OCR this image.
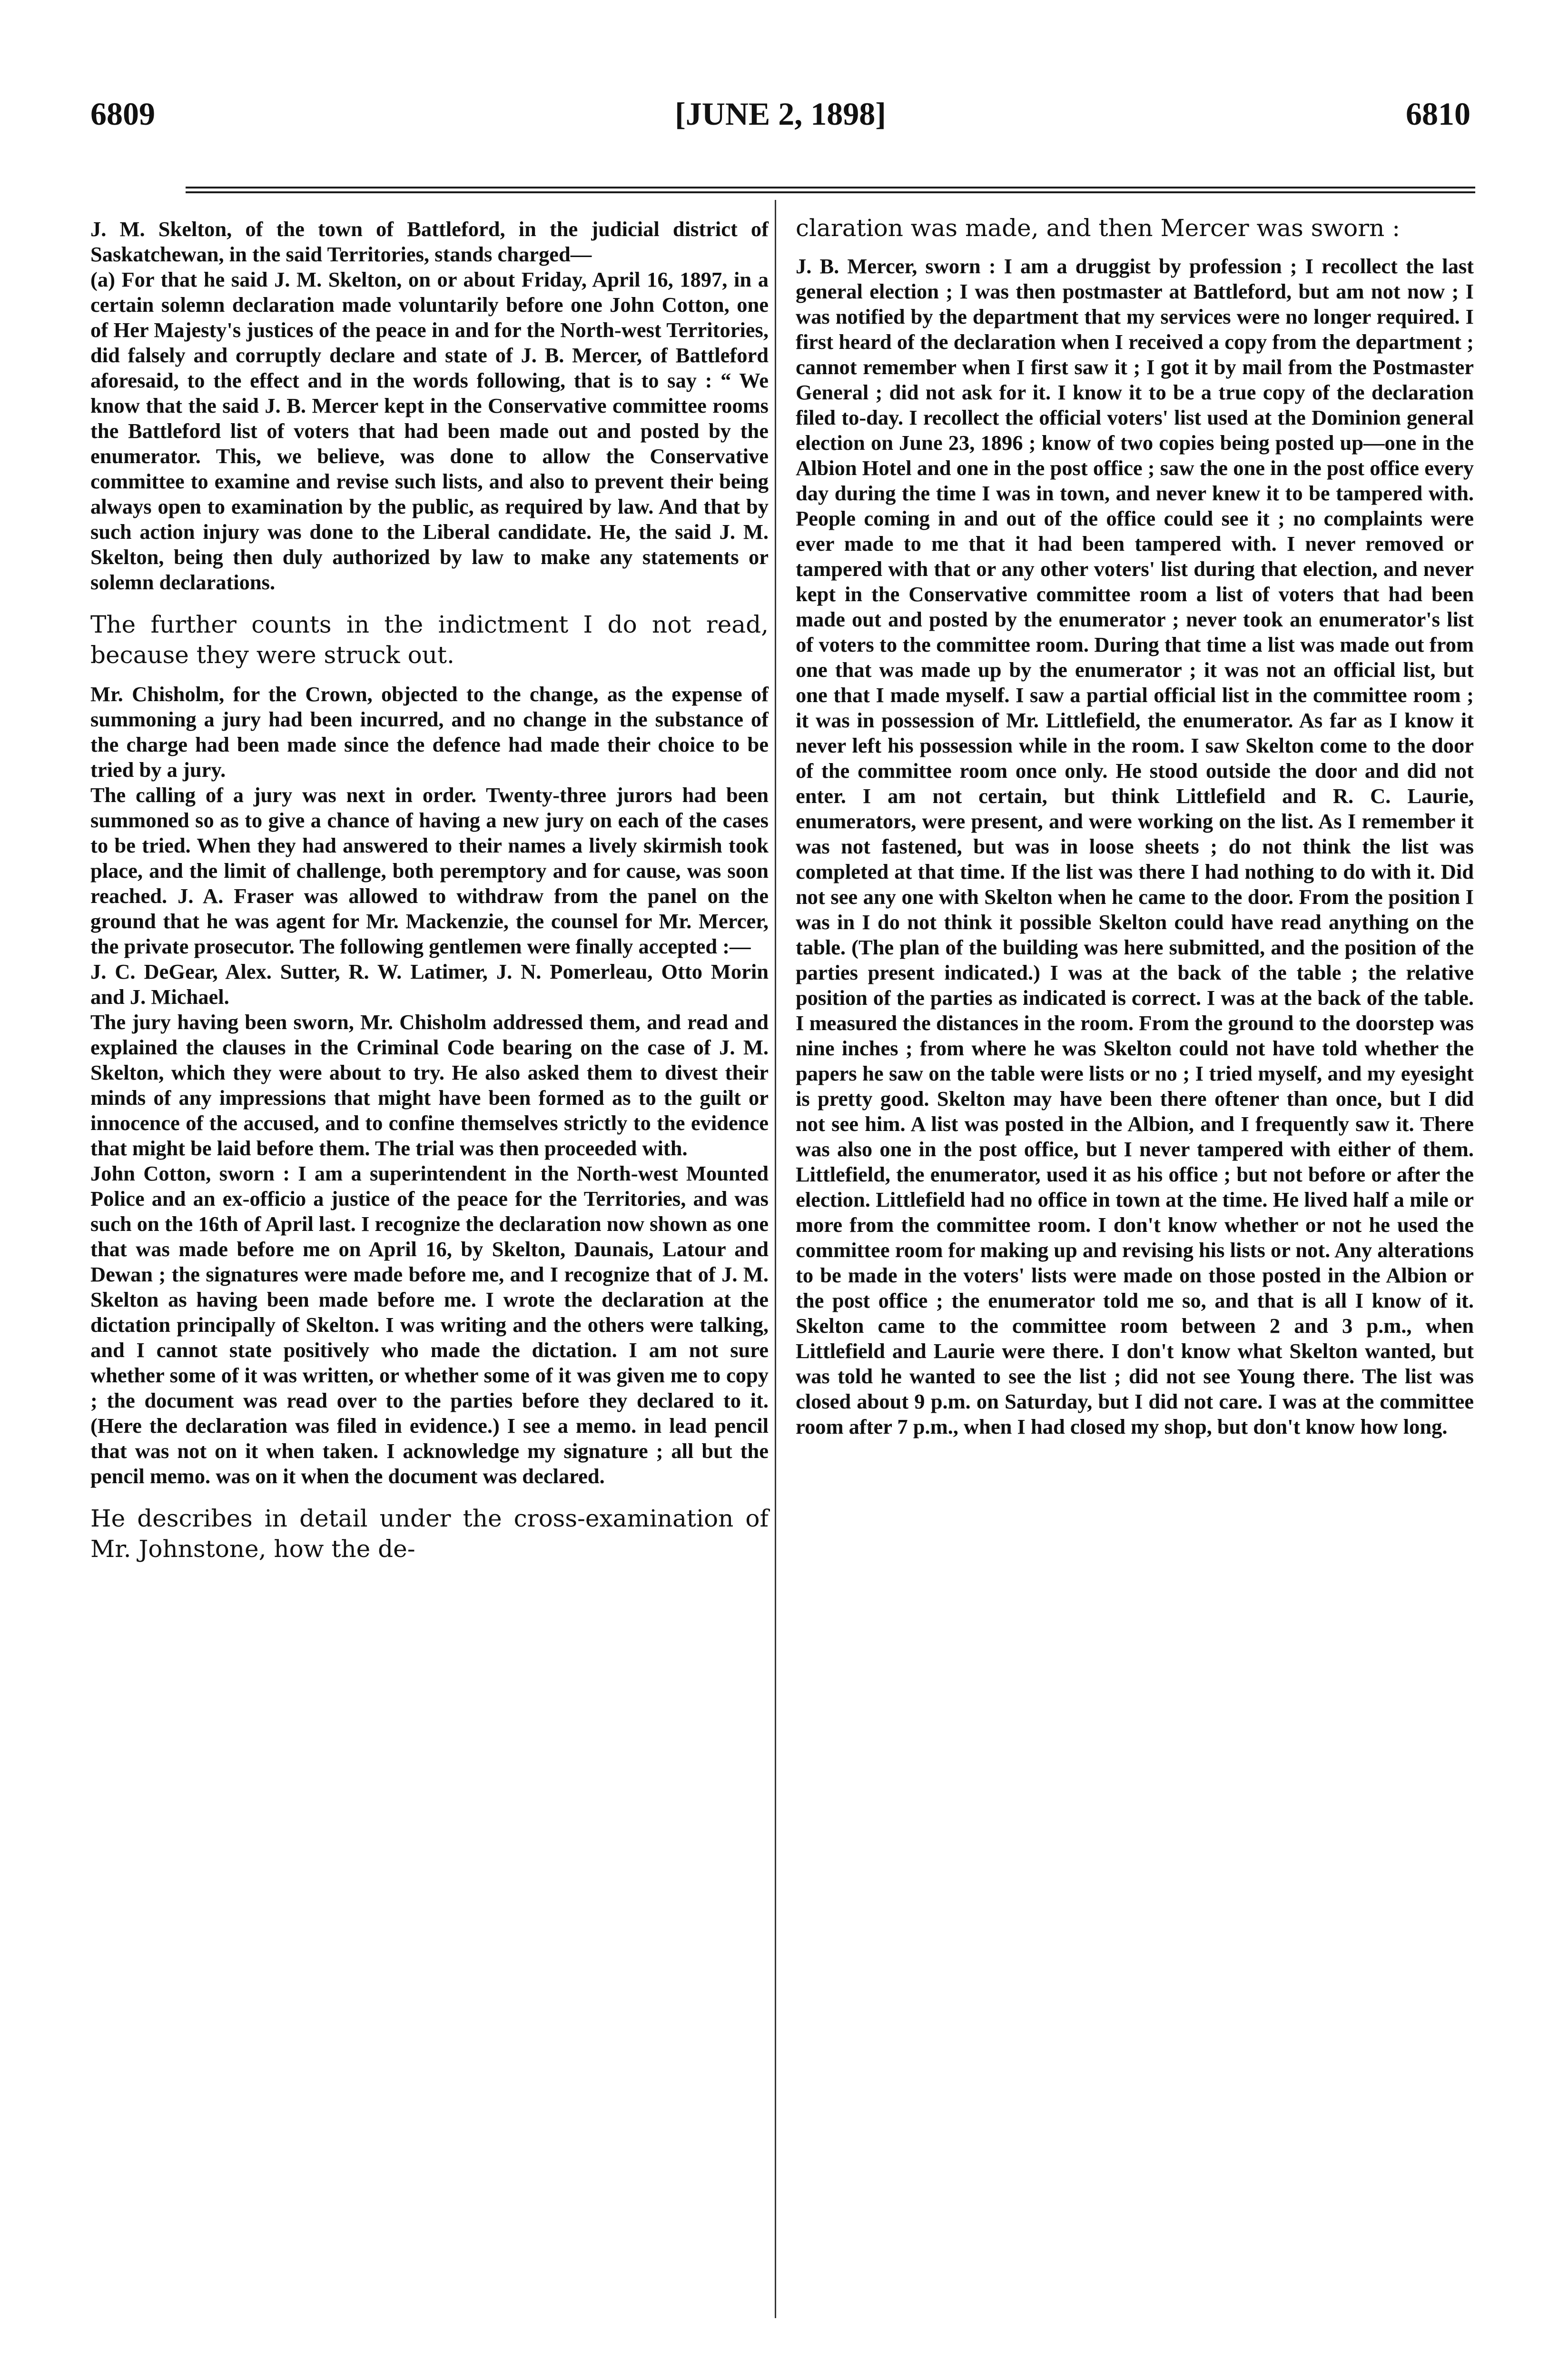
6809	[JUNE 2, 1898]	6810

J. M. Skelton, of the town of Battleford, in the judicial district of Saskatchewan, in the said Territories, stands charged—

(a) For that he said J. M. Skelton, on or about Friday, April 16, 1897, in a certain solemn declaration made voluntarily before one John Cotton, one of Her Majesty's justices of the peace in and for the North-west Territories, did falsely and corruptly declare and state of J. B. Mercer, of Battleford aforesaid, to the effect and in the words following, that is to say : “ We know that the said J. B. Mercer kept in the Conservative committee rooms the Battleford list of voters that had been made out and posted by the enumerator. This, we believe, was done to allow the Conservative committee to examine and revise such lists, and also to prevent their being always open to examination by the public, as required by law. And that by such action injury was done to the Liberal candidate. He, the said J. M. Skelton, being then duly authorized by law to make any statements or solemn declarations.

The further counts in the indictment I do not read, because they were struck out.

Mr. Chisholm, for the Crown, objected to the change, as the expense of summoning a jury had been incurred, and no change in the substance of the charge had been made since the defence had made their choice to be tried by a jury.

The calling of a jury was next in order. Twenty-three jurors had been summoned so as to give a chance of having a new jury on each of the cases to be tried. When they had answered to their names a lively skirmish took place, and the limit of challenge, both peremptory and for cause, was soon reached. J. A. Fraser was allowed to withdraw from the panel on the ground that he was agent for Mr. Mackenzie, the counsel for Mr. Mercer, the private prosecutor. The following gentlemen were finally accepted :—

J. C. DeGear, Alex. Sutter, R. W. Latimer, J. N. Pomerleau, Otto Morin and J. Michael.

The jury having been sworn, Mr. Chisholm addressed them, and read and explained the clauses in the Criminal Code bearing on the case of J. M. Skelton, which they were about to try. He also asked them to divest their minds of any impressions that might have been formed as to the guilt or innocence of the accused, and to confine themselves strictly to the evidence that might be laid before them. The trial was then proceeded with.

John Cotton, sworn : I am a superintendent in the North-west Mounted Police and an ex-officio a justice of the peace for the Territories, and was such on the 16th of April last. I recognize the declaration now shown as one that was made before me on April 16, by Skelton, Daunais, Latour and Dewan ; the signatures were made before me, and I recognize that of J. M. Skelton as having been made before me. I wrote the declaration at the dictation principally of Skelton. I was writing and the others were talking, and I cannot state positively who made the dictation. I am not sure whether some of it was written, or whether some of it was given me to copy ; the document was read over to the parties before they declared to it. (Here the declaration was filed in evidence.) I see a memo. in lead pencil that was not on it when taken. I acknowledge my signature ; all but the pencil memo. was on it when the document was declared.

He describes in detail under the cross-examination of Mr. Johnstone, how the de-

claration was made, and then Mercer was sworn :

J. B. Mercer, sworn : I am a druggist by profession ; I recollect the last general election ; I was then postmaster at Battleford, but am not now ; I was notified by the department that my services were no longer required. I first heard of the declaration when I received a copy from the department ; cannot remember when I first saw it ; I got it by mail from the Postmaster General ; did not ask for it. I know it to be a true copy of the declaration filed to-day. I recollect the official voters' list used at the Dominion general election on June 23, 1896 ; know of two copies being posted up—one in the Albion Hotel and one in the post office ; saw the one in the post office every day during the time I was in town, and never knew it to be tampered with. People coming in and out of the office could see it ; no complaints were ever made to me that it had been tampered with. I never removed or tampered with that or any other voters' list during that election, and never kept in the Conservative committee room a list of voters that had been made out and posted by the enumerator ; never took an enumerator's list of voters to the committee room. During that time a list was made out from one that was made up by the enumerator ; it was not an official list, but one that I made myself. I saw a partial official list in the committee room ; it was in possession of Mr. Littlefield, the enumerator. As far as I know it never left his possession while in the room. I saw Skelton come to the door of the committee room once only. He stood outside the door and did not enter. I am not certain, but think Littlefield and R. C. Laurie, enumerators, were present, and were working on the list. As I remember it was not fastened, but was in loose sheets ; do not think the list was completed at that time. If the list was there I had nothing to do with it. Did not see any one with Skelton when he came to the door. From the position I was in I do not think it possible Skelton could have read anything on the table. (The plan of the building was here submitted, and the position of the parties present indicated.) I was at the back of the table ; the relative position of the parties as indicated is correct. I was at the back of the table. I measured the distances in the room. From the ground to the doorstep was nine inches ; from where he was Skelton could not have told whether the papers he saw on the table were lists or no ; I tried myself, and my eyesight is pretty good. Skelton may have been there oftener than once, but I did not see him. A list was posted in the Albion, and I frequently saw it. There was also one in the post office, but I never tampered with either of them. Littlefield, the enumerator, used it as his office ; but not before or after the election. Littlefield had no office in town at the time. He lived half a mile or more from the committee room. I don't know whether or not he used the committee room for making up and revising his lists or not. Any alterations to be made in the voters' lists were made on those posted in the Albion or the post office ; the enumerator told me so, and that is all I know of it. Skelton came to the committee room between 2 and 3 p.m., when Littlefield and Laurie were there. I don't know what Skelton wanted, but was told he wanted to see the list ; did not see Young there. The list was closed about 9 p.m. on Saturday, but I did not care. I was at the committee room after 7 p.m., when I had closed my shop, but don't know how long.
